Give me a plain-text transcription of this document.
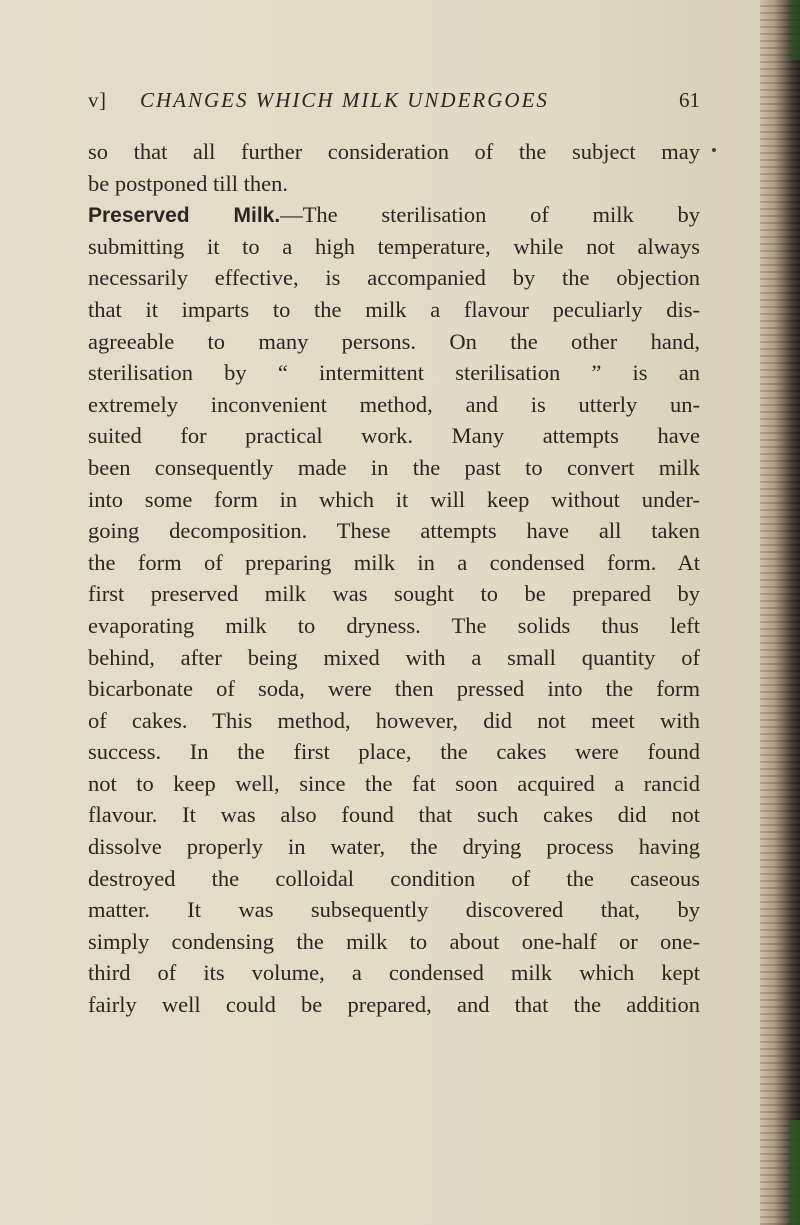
v] CHANGES WHICH MILK UNDERGOES	61
so that all further consideration of the subject may
be postponed till then.
Preserved Milk.—The sterilisation of milk by
submitting it to a high temperature, while not always
necessarily effective, is accompanied by the objection
that it imparts to the milk a flavour peculiarly dis-
agreeable to many persons. On the other hand,
sterilisation by “ intermittent sterilisation ” is an
extremely inconvenient method, and is utterly un-
suited for practical work. Many attempts have
been consequently made in the past to convert milk
into some form in which it will keep without under-
going decomposition. These attempts have all taken
the form of preparing milk in a condensed form. At
first preserved milk was sought to be prepared by
evaporating milk to dryness. The solids thus left
behind, after being mixed with a small quantity of
bicarbonate of soda, were then pressed into the form
of cakes. This method, however, did not meet with
success. In the first place, the cakes were found
not to keep well, since the fat soon acquired a rancid
flavour. It was also found that such cakes did not
dissolve properly in water, the drying process having
destroyed the colloidal condition of the caseous
matter. It was subsequently discovered that, by
simply condensing the milk to about one-half or one-
third of its volume, a condensed milk which kept
fairly well could be prepared, and that the addition
